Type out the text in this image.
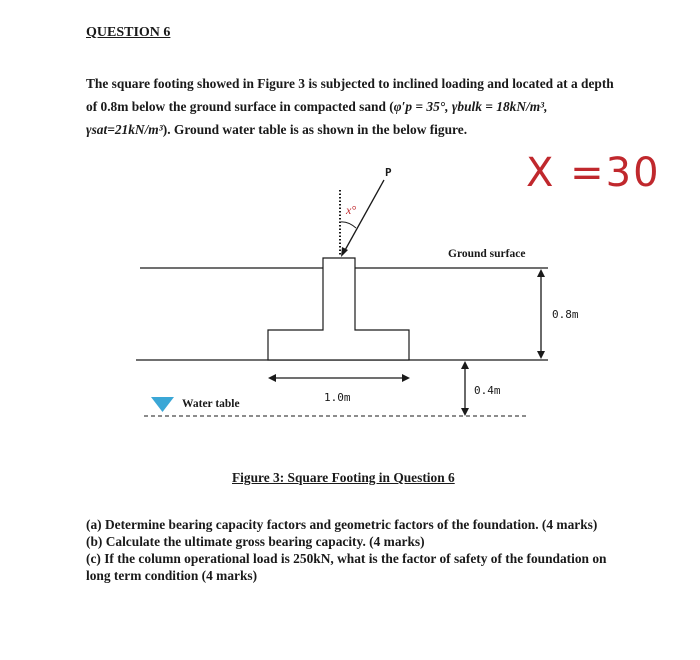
QUESTION 6
The square footing showed in Figure 3 is subjected to inclined loading and located at a depth of 0.8m below the ground surface in compacted sand (φ′p = 35°, γbulk = 18kN/m³, γsat=21kN/m³). Ground water table is as shown in the below figure.
X =30
P
x°
Ground surface
0.8m
1.0m
0.4m
Water table
Figure 3: Square Footing in Question 6
(a) Determine bearing capacity factors and geometric factors of the foundation. (4 marks)
(b) Calculate the ultimate gross bearing capacity. (4 marks)
(c) If the column operational load is 250kN, what is the factor of safety of the foundation on long term condition (4 marks)
